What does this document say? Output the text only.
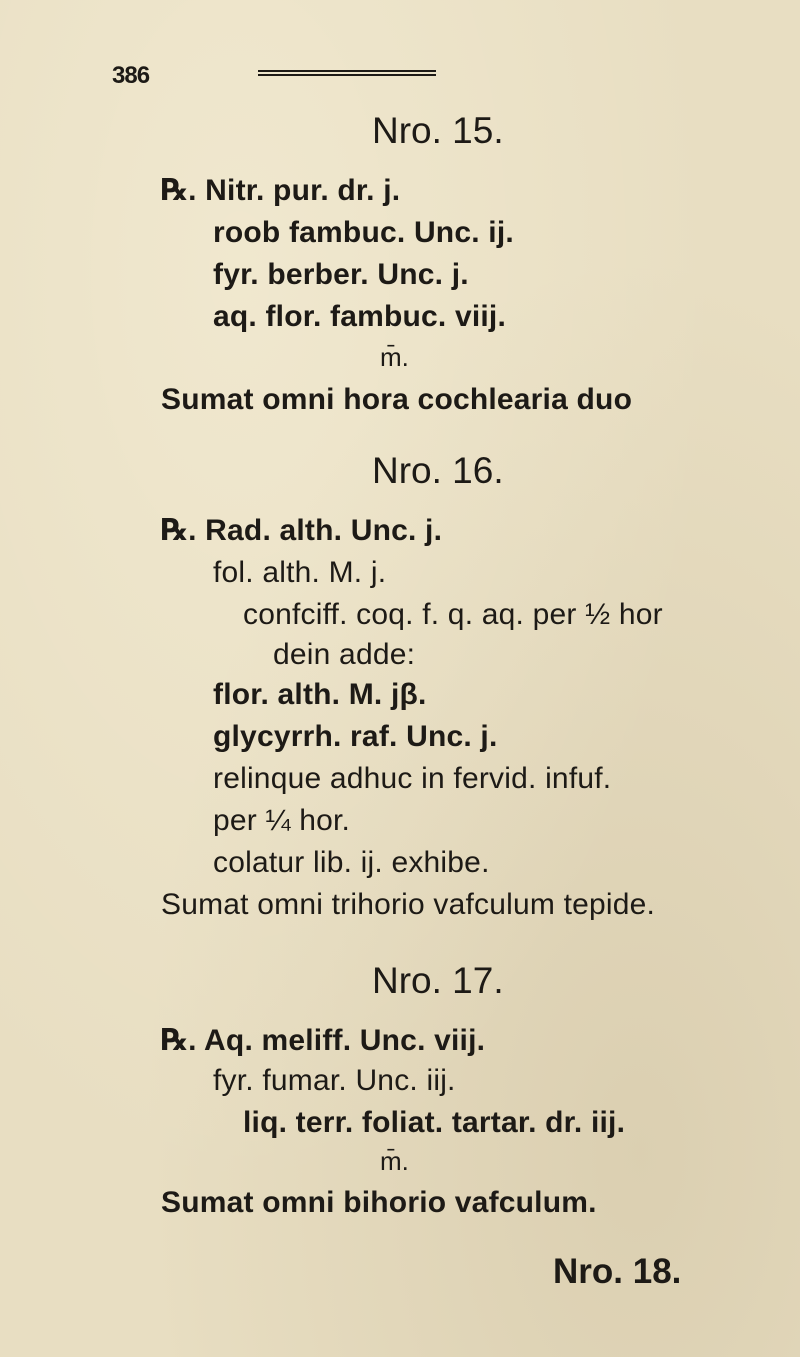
386
Nro. 15.
℞. Nitr. pur. dr. j.
roob fambuc. Unc. ij.
fyr. berber. Unc. j.
aq. flor. fambuc. viij.
m̄.
Sumat omni hora cochlearia duo
Nro. 16.
℞. Rad. alth. Unc. j.
fol. alth. M. j.
confciff. coq. f. q. aq. per ½ hor
dein adde:
flor. alth. M. jβ.
glycyrrh. raf. Unc. j.
relinque adhuc in fervid. infuf.
per ¼ hor.
colatur lib. ij. exhibe.
Sumat omni trihorio vafculum tepide.
Nro. 17.
℞. Aq. meliff. Unc. viij.
fyr. fumar. Unc. iij.
liq. terr. foliat. tartar. dr. iij.
m̄.
Sumat omni bihorio vafculum.
Nro. 18.
